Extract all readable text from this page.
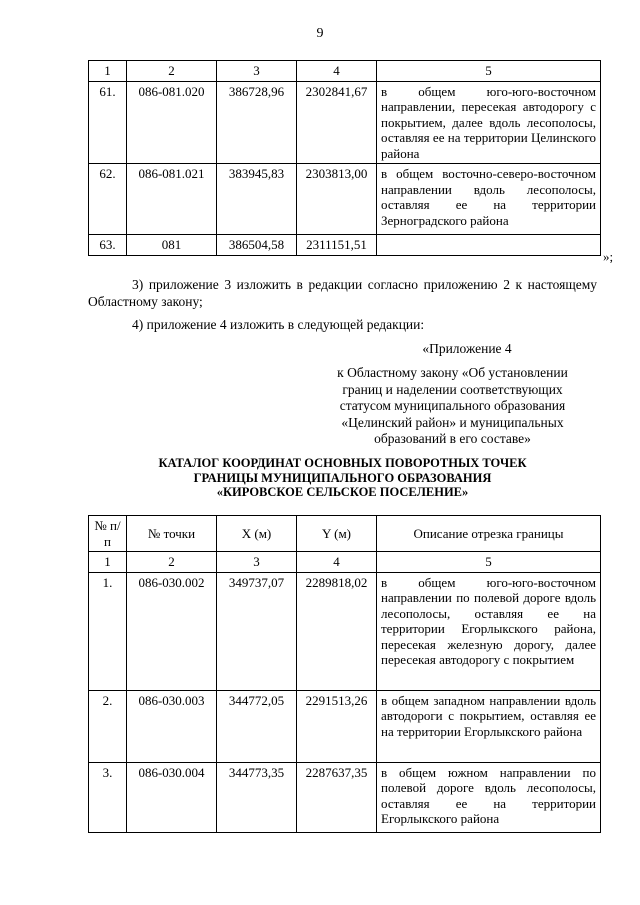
9
1	2	3	4	5
61.	086-081.020	386728,96	2302841,67	в общем юго-юго-восточном направлении, пересекая автодорогу с покрытием, далее вдоль лесополосы, оставляя ее на территории Целинского района
62.	086-081.021	383945,83	2303813,00	в общем восточно-северо-восточном направлении вдоль лесополосы, оставляя ее на территории Зерноградского района
63.	081	386504,58	2311151,51	
»;
3) приложение 3 изложить в редакции согласно приложению 2 к настоящему Областному закону;
4) приложение 4 изложить в следующей редакции:
«Приложение 4
к Областному закону «Об установлении
границ и наделении соответствующих
статусом муниципального образования
«Целинский район» и муниципальных
образований в его составе»
КАТАЛОГ КООРДИНАТ ОСНОВНЫХ ПОВОРОТНЫХ ТОЧЕК
ГРАНИЦЫ МУНИЦИПАЛЬНОГО ОБРАЗОВАНИЯ
«КИРОВСКОЕ СЕЛЬСКОЕ ПОСЕЛЕНИЕ»
№ п/п	№ точки	X (м)	Y (м)	Описание отрезка границы
1	2	3	4	5
1.	086-030.002	349737,07	2289818,02	в общем юго-юго-восточном направлении по полевой дороге вдоль лесополосы, оставляя ее на территории Егорлыкского района, пересекая железную дорогу, далее пересекая автодорогу с покрытием
2.	086-030.003	344772,05	2291513,26	в общем западном направлении вдоль автодороги с покрытием, оставляя ее на территории Егорлыкского района
3.	086-030.004	344773,35	2287637,35	в общем южном направлении по полевой дороге вдоль лесополосы, оставляя ее на территории Егорлыкского района
